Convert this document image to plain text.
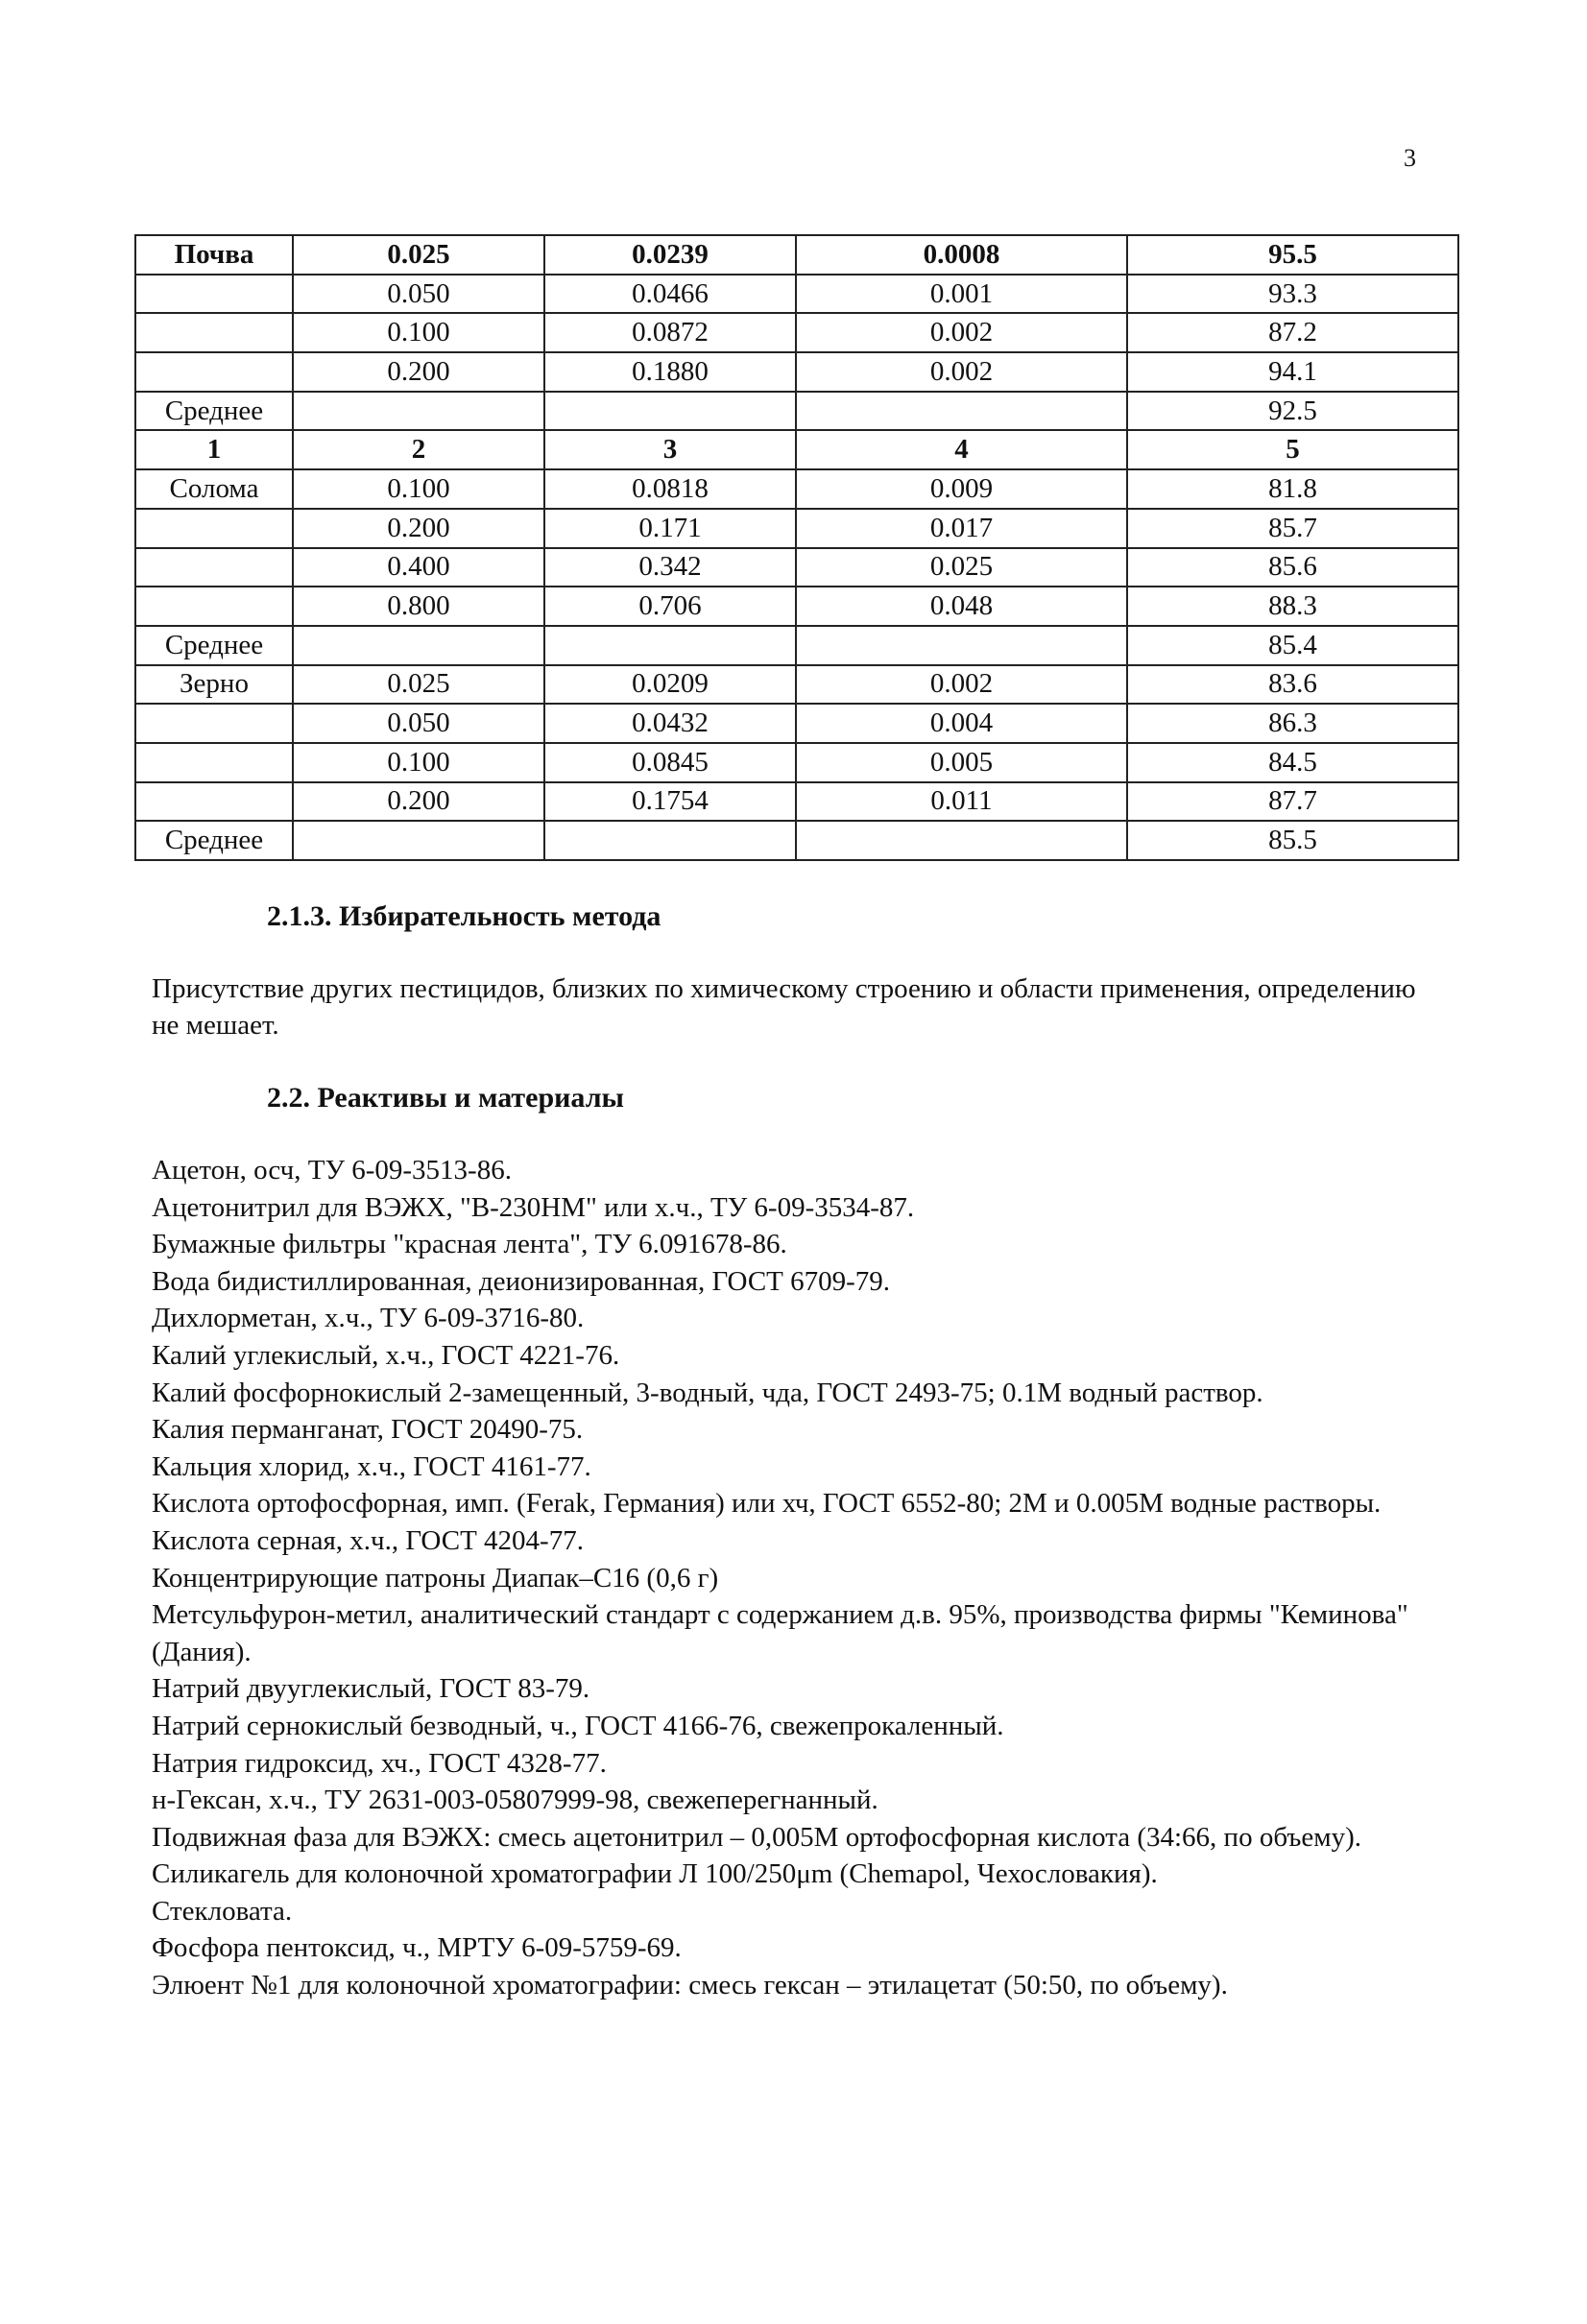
3
Почва	0.025	0.0239	0.0008	95.5
	0.050	0.0466	0.001	93.3
	0.100	0.0872	0.002	87.2
	0.200	0.1880	0.002	94.1
Среднее				92.5
1	2	3	4	5
Солома	0.100	0.0818	0.009	81.8
	0.200	0.171	0.017	85.7
	0.400	0.342	0.025	85.6
	0.800	0.706	0.048	88.3
Среднее				85.4
Зерно	0.025	0.0209	0.002	83.6
	0.050	0.0432	0.004	86.3
	0.100	0.0845	0.005	84.5
	0.200	0.1754	0.011	87.7
Среднее				85.5
2.1.3. Избирательность метода
Присутствие других пестицидов, близких по химическому строению и области применения, определению не мешает.
2.2. Реактивы и материалы
Ацетон, осч, ТУ 6-09-3513-86.
Ацетонитрил для ВЭЖХ, "В-230НМ" или х.ч., ТУ 6-09-3534-87.
Бумажные фильтры "красная лента", ТУ 6.091678-86.
Вода бидистиллированная, деионизированная, ГОСТ 6709-79.
Дихлорметан, х.ч., ТУ 6-09-3716-80.
Калий углекислый, х.ч., ГОСТ 4221-76.
Калий фосфорнокислый 2-замещенный, 3-водный, чда, ГОСТ 2493-75; 0.1М водный раствор.
Калия перманганат, ГОСТ 20490-75.
Кальция хлорид, х.ч., ГОСТ 4161-77.
Кислота ортофосфорная, имп. (Ferak, Германия) или хч, ГОСТ 6552-80; 2М и 0.005М водные растворы.
Кислота серная, х.ч., ГОСТ 4204-77.
Концентрирующие патроны Диапак–С16 (0,6 г)
Метсульфурон-метил, аналитический стандарт с содержанием д.в. 95%, производства фирмы "Кеминова" (Дания).
Натрий двууглекислый, ГОСТ 83-79.
Натрий сернокислый безводный, ч., ГОСТ 4166-76, свежепрокаленный.
Натрия гидроксид, хч., ГОСТ 4328-77.
н-Гексан, х.ч., ТУ 2631-003-05807999-98, свежеперегнанный.
Подвижная фаза для ВЭЖХ: смесь ацетонитрил – 0,005М ортофосфорная кислота (34:66, по объему).
Силикагель для колоночной хроматографии Л 100/250μm (Chemapol, Чехословакия).
Стекловата.
Фосфора пентоксид, ч., МРТУ 6-09-5759-69.
Элюент №1 для колоночной хроматографии: смесь гексан – этилацетат (50:50, по объему).
